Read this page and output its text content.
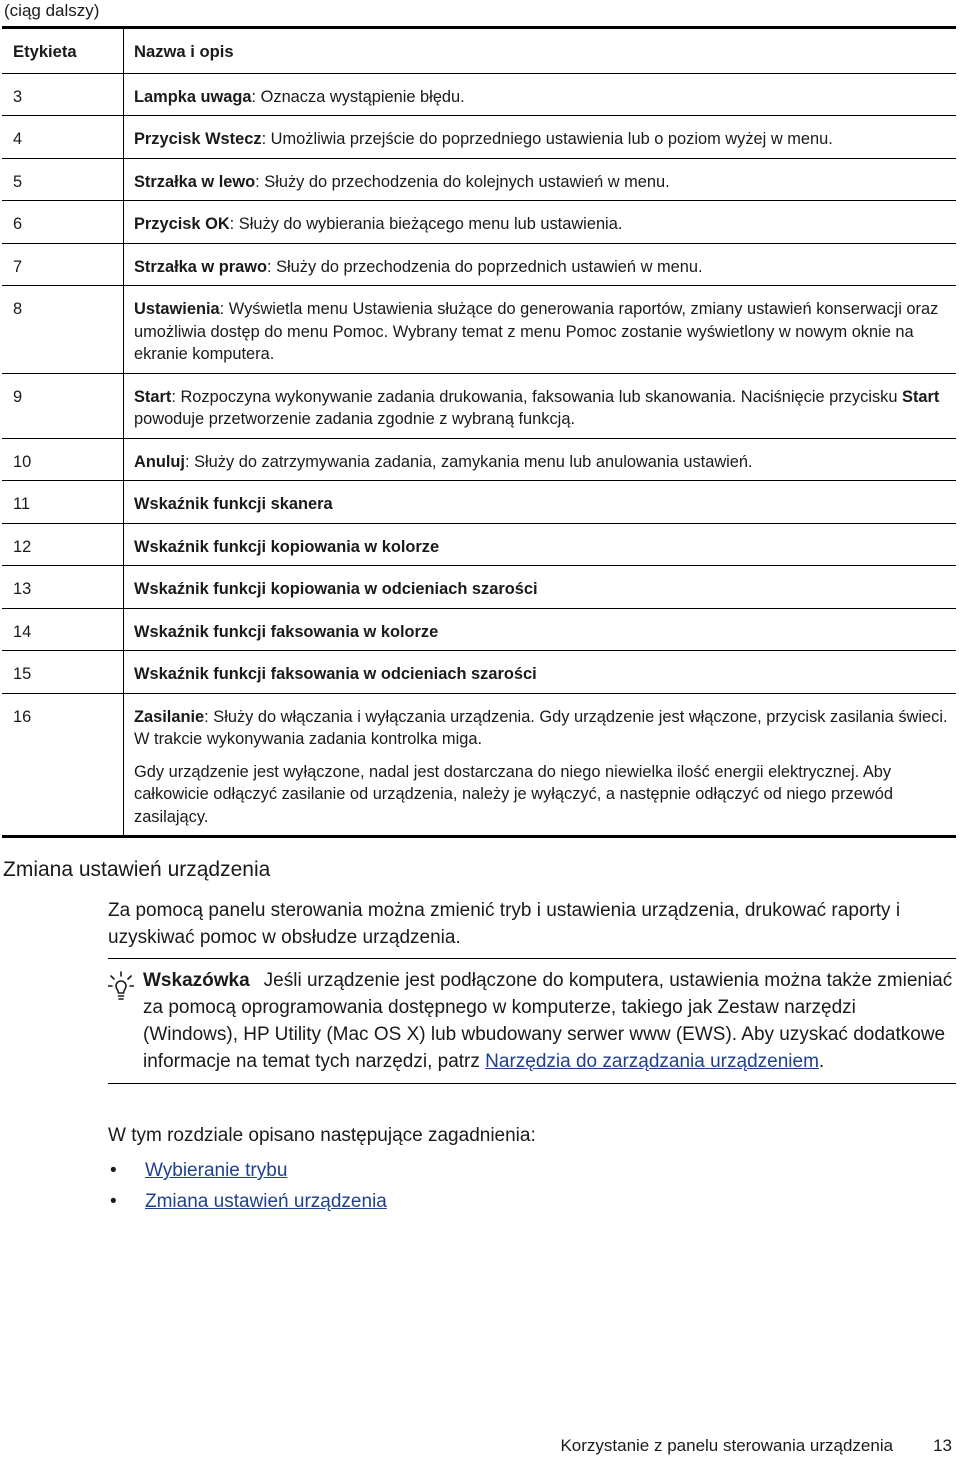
(ciąg dalszy)
Etykieta	Nazwa i opis
3	Lampka uwaga: Oznacza wystąpienie błędu.
4	Przycisk Wstecz: Umożliwia przejście do poprzedniego ustawienia lub o poziom wyżej w menu.
5	Strzałka w lewo: Służy do przechodzenia do kolejnych ustawień w menu.
6	Przycisk OK: Służy do wybierania bieżącego menu lub ustawienia.
7	Strzałka w prawo: Służy do przechodzenia do poprzednich ustawień w menu.
8	Ustawienia: Wyświetla menu Ustawienia służące do generowania raportów, zmiany ustawień konserwacji oraz umożliwia dostęp do menu Pomoc. Wybrany temat z menu Pomoc zostanie wyświetlony w nowym oknie na ekranie komputera.
9	Start: Rozpoczyna wykonywanie zadania drukowania, faksowania lub skanowania. Naciśnięcie przycisku Start powoduje przetworzenie zadania zgodnie z wybraną funkcją.
10	Anuluj: Służy do zatrzymywania zadania, zamykania menu lub anulowania ustawień.
11	Wskaźnik funkcji skanera
12	Wskaźnik funkcji kopiowania w kolorze
13	Wskaźnik funkcji kopiowania w odcieniach szarości
14	Wskaźnik funkcji faksowania w kolorze
15	Wskaźnik funkcji faksowania w odcieniach szarości
16	Zasilanie: Służy do włączania i wyłączania urządzenia. Gdy urządzenie jest włączone, przycisk zasilania świeci. W trakcie wykonywania zadania kontrolka miga.

Gdy urządzenie jest wyłączone, nadal jest dostarczana do niego niewielka ilość energii elektrycznej. Aby całkowicie odłączyć zasilanie od urządzenia, należy je wyłączyć, a następnie odłączyć od niego przewód zasilający.

Zmiana ustawień urządzenia
Za pomocą panelu sterowania można zmienić tryb i ustawienia urządzenia, drukować raporty i uzyskiwać pomoc w obsłudze urządzenia.
Wskazówka Jeśli urządzenie jest podłączone do komputera, ustawienia można także zmieniać za pomocą oprogramowania dostępnego w komputerze, takiego jak Zestaw narzędzi (Windows), HP Utility (Mac OS X) lub wbudowany serwer www (EWS). Aby uzyskać dodatkowe informacje na temat tych narzędzi, patrz Narzędzia do zarządzania urządzeniem.
W tym rozdziale opisano następujące zagadnienia:
• Wybieranie trybu
• Zmiana ustawień urządzenia
Korzystanie z panelu sterowania urządzenia 13
